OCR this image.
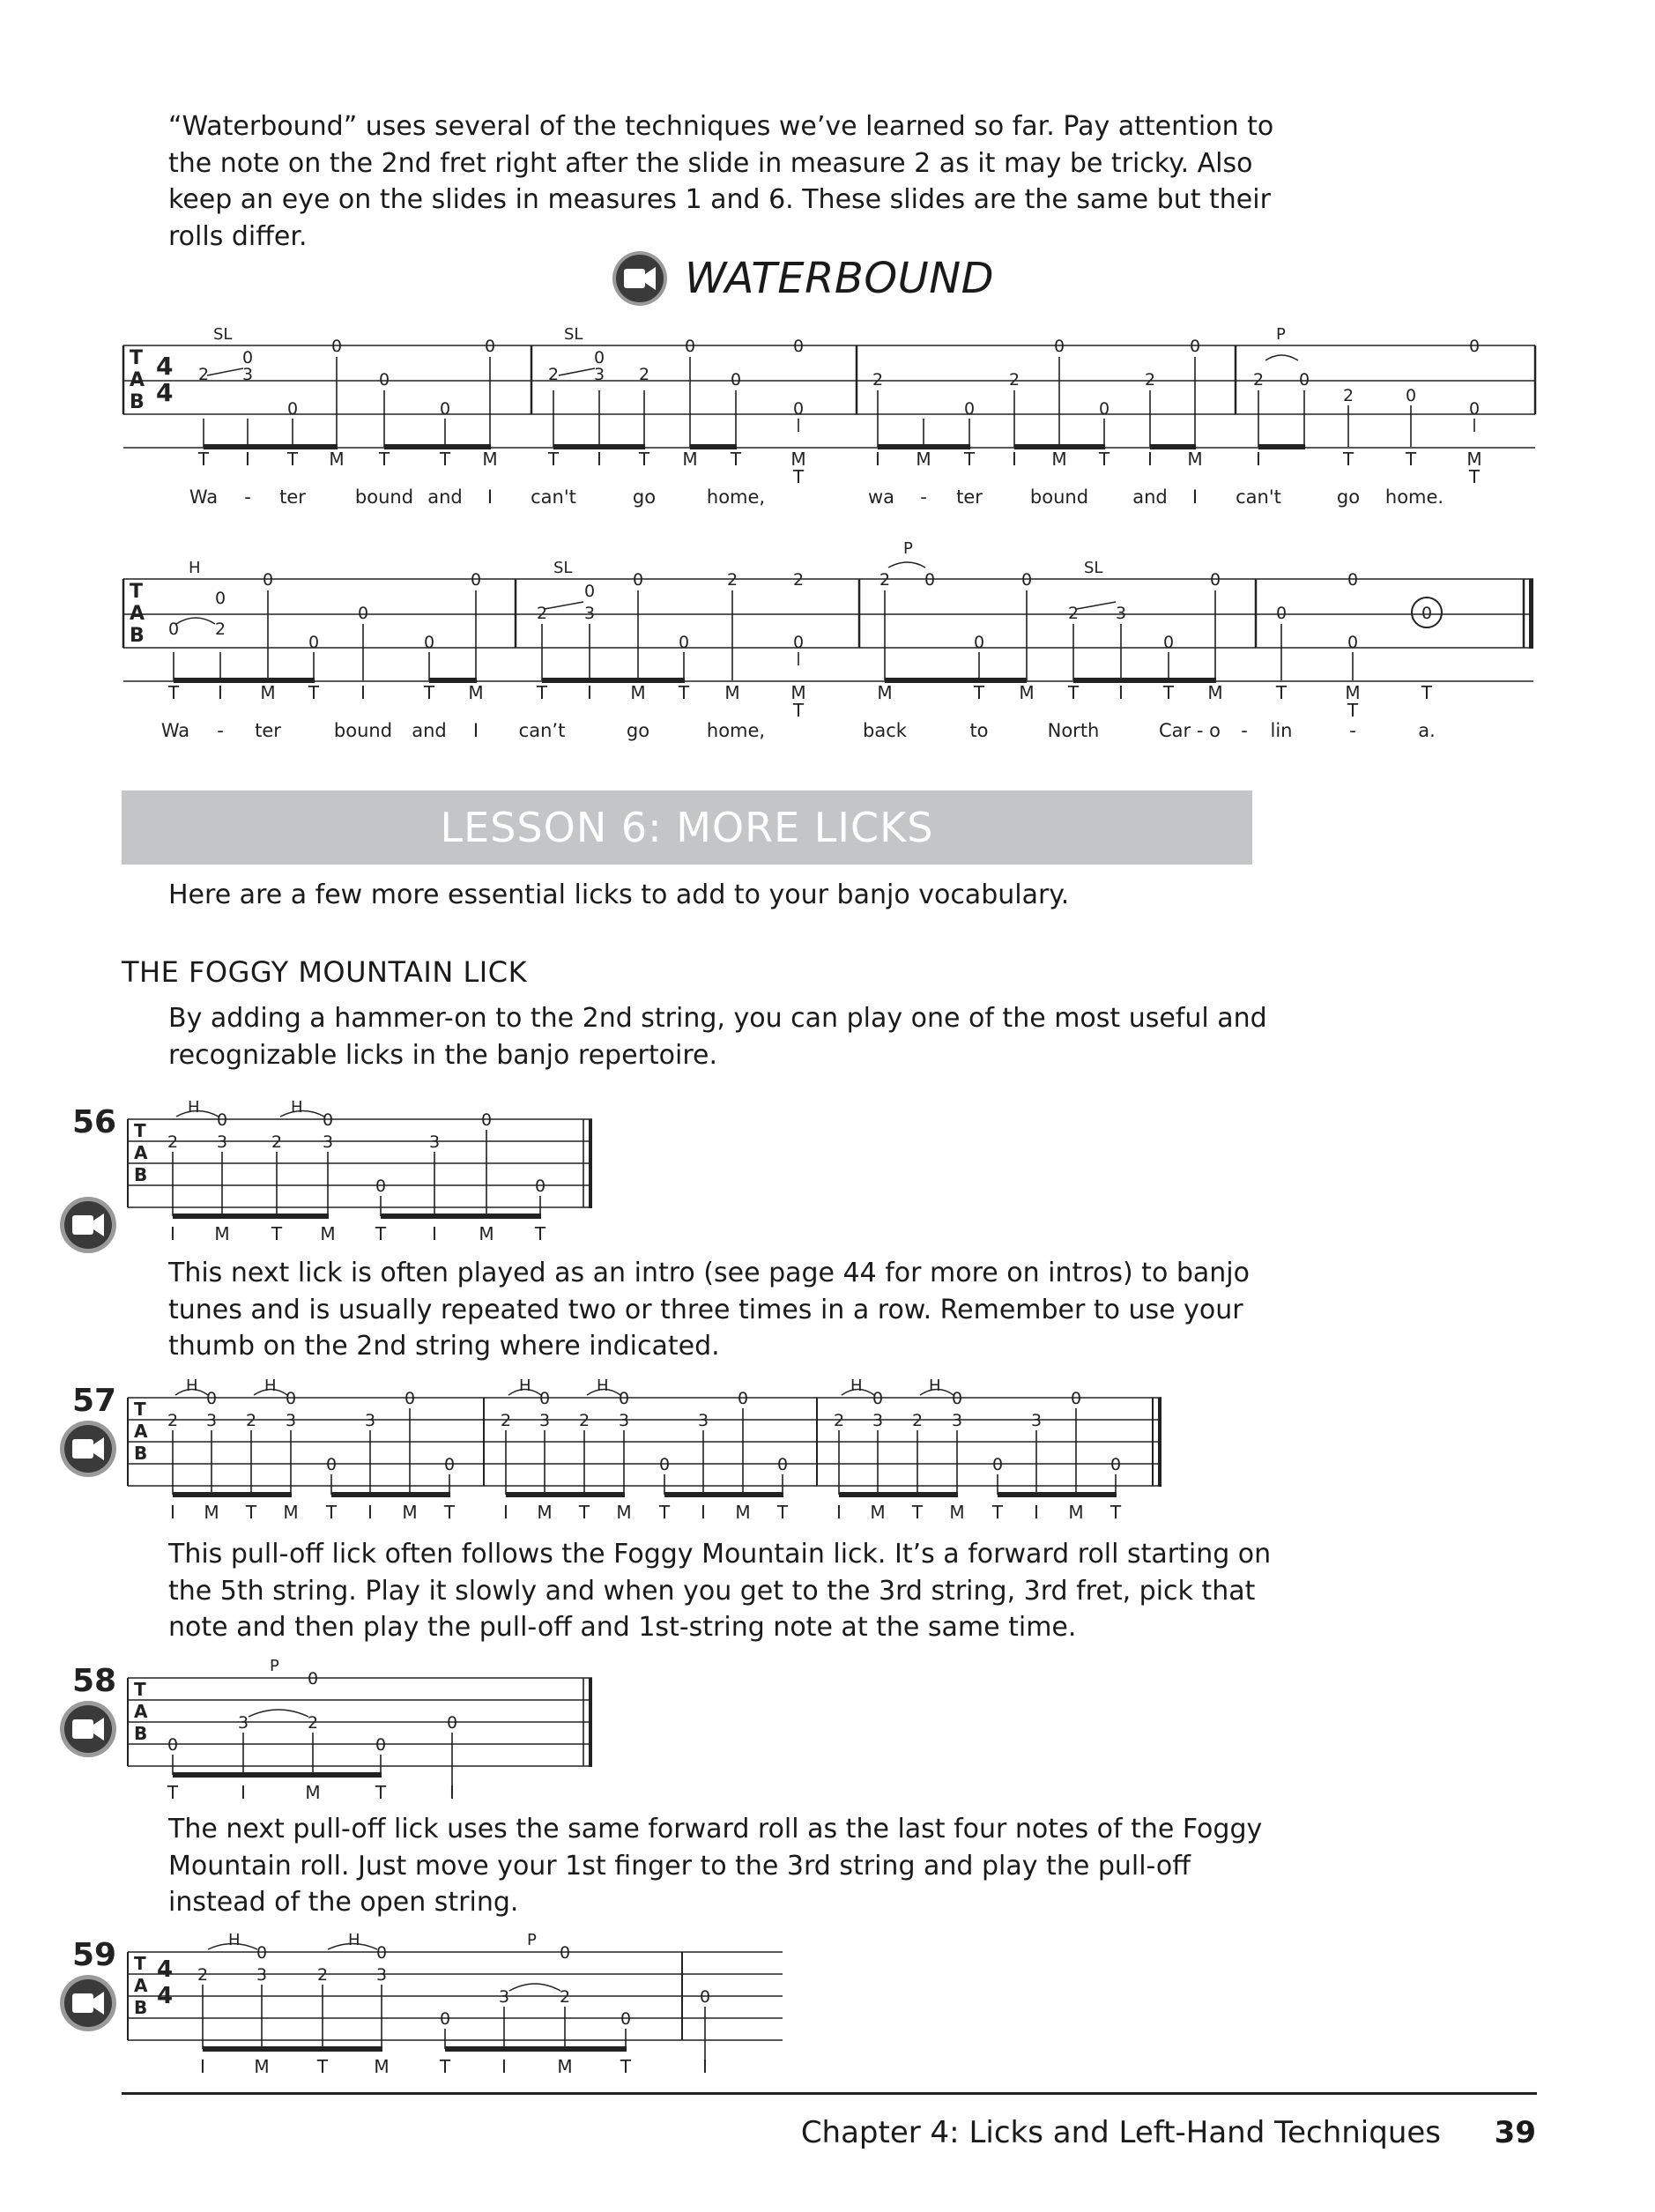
“Waterbound” uses several of the techniques we’ve learned so far. Pay attention to the note on the 2nd fret right after the slide in measure 2 as it may be tricky. Also keep an eye on the slides in measures 1 and 6. These slides are the same but their rolls differ.

WATERBOUND
T
A
B
4
4
SL	SL	P
2 3
0
0
0
0
0
0
2 3
0
2
0
0
0
0
2
0
2
0
0
2
0
2 0
2	0
0
0
T I T M T	T M	T I T M T	M
T
I M T I M T I M	I	T	T	M
T
Wa - ter	bound and I can't	go	home,	wa - ter	bound and I can't	go home.
T
A
B
H	SL
P
SL
0 2
0
0
0
0
0
0
2 3
0
0
0
2
0
2	2 0
0
0
2 3
0
0
0
0
0
0
T I M T I	T M	T I M T M	M
T
M	T M T I T M	T	M
T
T
Wa - ter	bound and I can’t	go	home,	back	to	North	Car - o - lin	-	a.
LESSON 6: MORE LICKS

Here are a few more essential licks to add to your banjo vocabulary.

THE FOGGY MOUNTAIN LICK

By adding a hammer-on to the 2nd string, you can play one of the most useful and recognizable licks in the banjo repertoire.

56 T
A
B
H	H
2 3
0
2 3
0
0
3
0
0
I M T M T	I M T

This next lick is often played as an intro (see page 44 for more on intros) to banjo tunes and is usually repeated two or three times in a row. Remember to use your thumb on the 2nd string where indicated.

57 T
A
B
H	H	H	H	H	H
2 3
0
2 3
0
0
3
0
0
2 3
0
2 3
0
0
3
0
0
2 3
0
2 3
0
0
3
0
0
I M T M T I M T	I M T M T I M T	I M T M T I M T

This pull-off lick often follows the Foggy Mountain lick. It’s a forward roll starting on the 5th string. Play it slowly and when you get to the 3rd string, 3rd fret, pick that note and then play the pull-off and 1st-string note at the same time.

58 T
A
B
P
0
3	2
0
0
0
T	I	M	T	I

The next pull-off lick uses the same forward roll as the last four notes of the Foggy Mountain roll. Just move your 1st finger to the 3rd string and play the pull-off instead of the open string.

59 T
A
B
4
4
H	H	P
2	3
0
2	3
0
0
3	2
0
0
0
I	M	T	M	T	I	M	T	I
Chapter 4: Licks and Left-Hand Techniques 39
